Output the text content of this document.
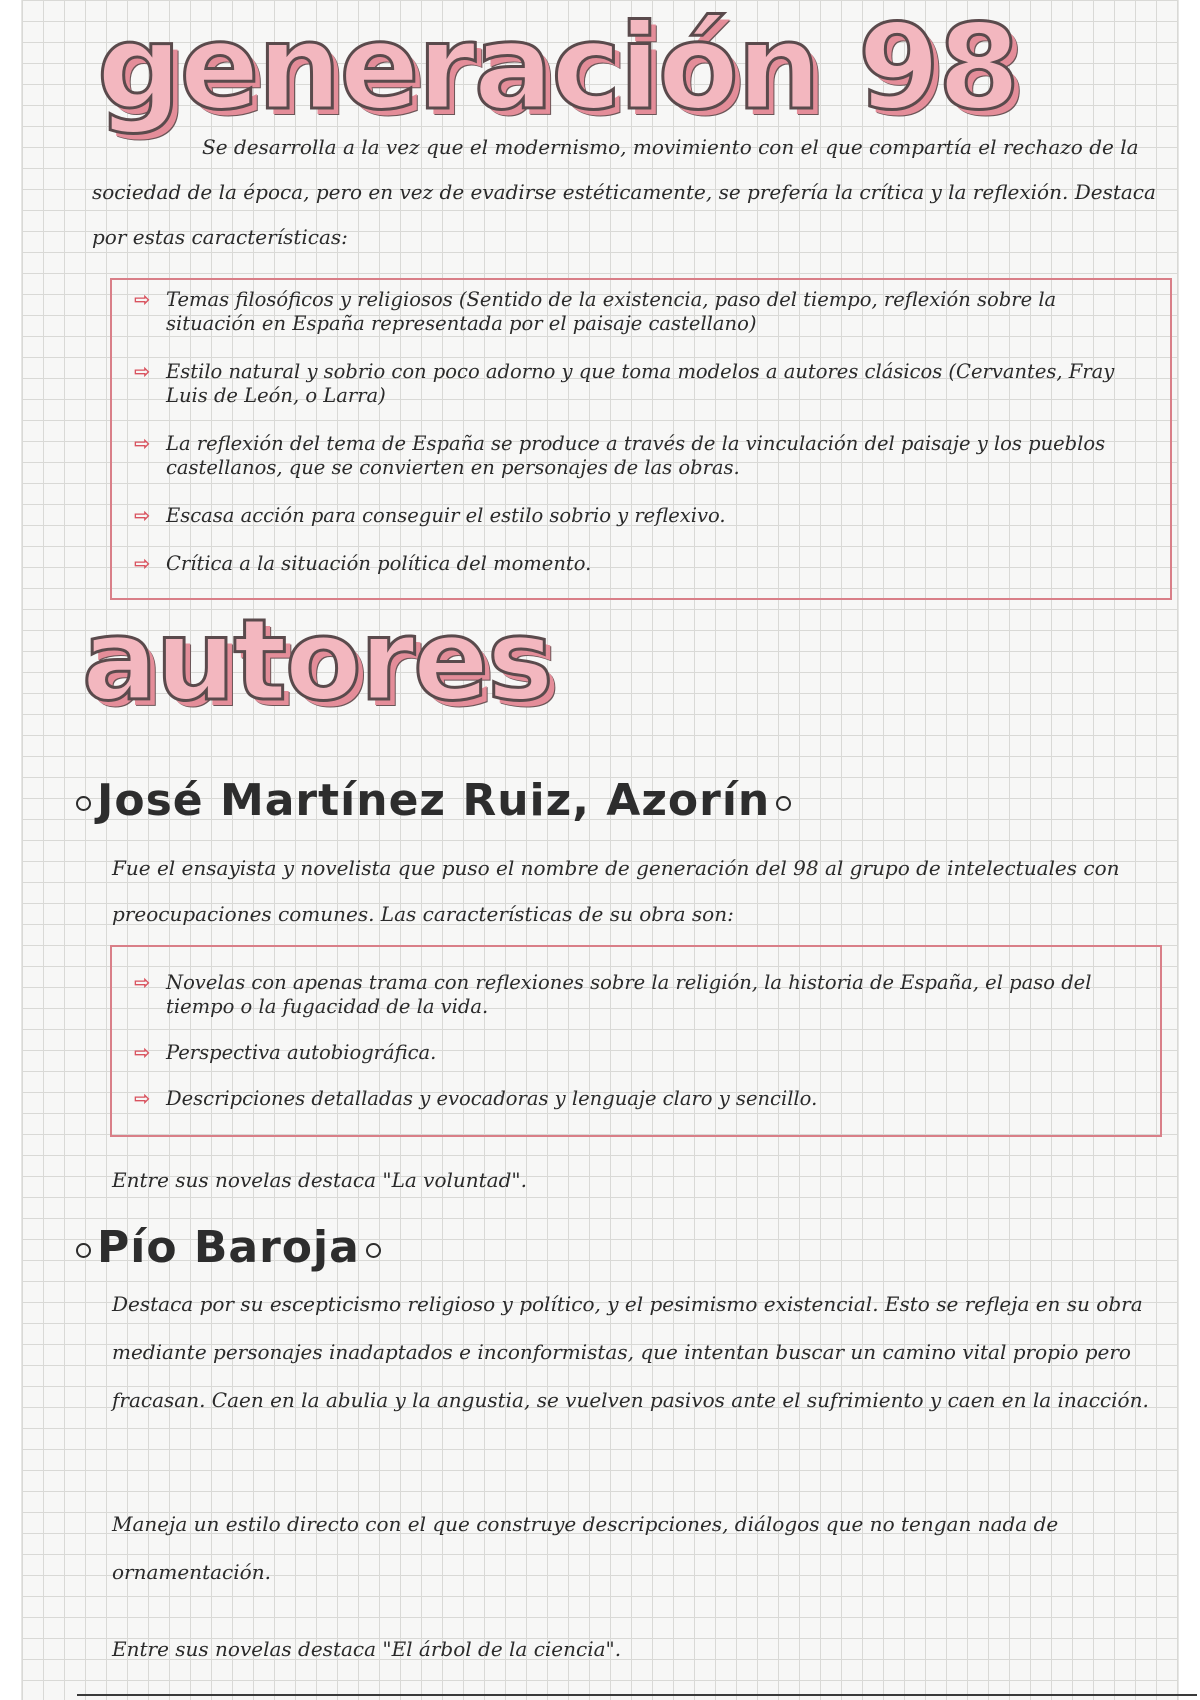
generación 98

Se desarrolla a la vez que el modernismo, movimiento con el que compartía el rechazo de la sociedad de la época, pero en vez de evadirse estéticamente, se prefería la crítica y la reflexión. Destaca por estas características:

⇨ Temas filosóficos y religiosos (Sentido de la existencia, paso del tiempo, reflexión sobre la situación en España representada por el paisaje castellano)
⇨ Estilo natural y sobrio con poco adorno y que toma modelos a autores clásicos (Cervantes, Fray Luis de León, o Larra)
⇨ La reflexión del tema de España se produce a través de la vinculación del paisaje y los pueblos castellanos, que se convierten en personajes de las obras.
⇨ Escasa acción para conseguir el estilo sobrio y reflexivo.
⇨ Crítica a la situación política del momento.
autores
José Martínez Ruiz, Azorín

Fue el ensayista y novelista que puso el nombre de generación del 98 al grupo de intelectuales con preocupaciones comunes. Las características de su obra son:

⇨ Novelas con apenas trama con reflexiones sobre la religión, la historia de España, el paso del tiempo o la fugacidad de la vida.
⇨ Perspectiva autobiográfica.
⇨ Descripciones detalladas y evocadoras y lenguaje claro y sencillo.

Entre sus novelas destaca "La voluntad".

Pío Baroja

Destaca por su escepticismo religioso y político, y el pesimismo existencial. Esto se refleja en su obra mediante personajes inadaptados e inconformistas, que intentan buscar un camino vital propio pero fracasan. Caen en la abulia y la angustia, se vuelven pasivos ante el sufrimiento y caen en la inacción.

Maneja un estilo directo con el que construye descripciones, diálogos que no tengan nada de ornamentación.

Entre sus novelas destaca "El árbol de la ciencia".
